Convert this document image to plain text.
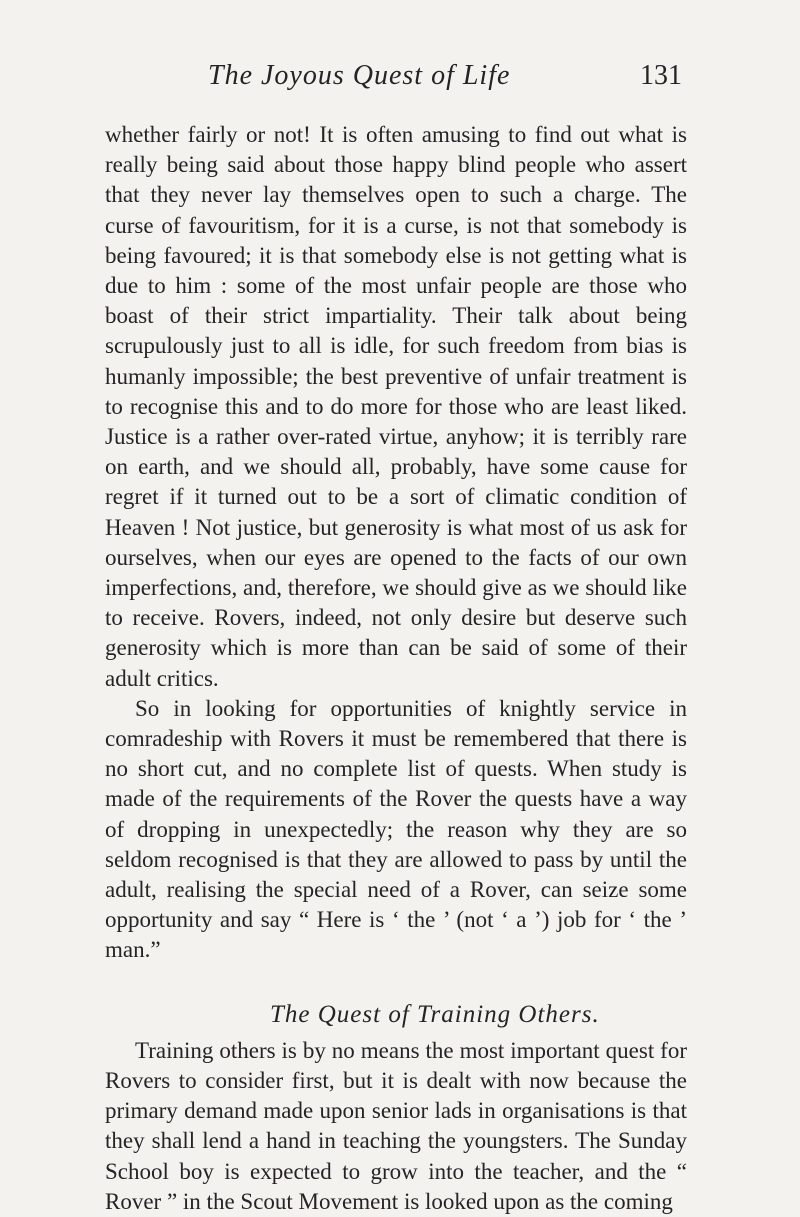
The Joyous Quest of Life	131

whether fairly or not! It is often amusing to find out what is really being said about those happy blind people who assert that they never lay themselves open to such a charge. The curse of favouritism, for it is a curse, is not that somebody is being favoured; it is that somebody else is not getting what is due to him : some of the most unfair people are those who boast of their strict impartiality. Their talk about being scrupulously just to all is idle, for such freedom from bias is humanly impossible; the best preventive of unfair treatment is to recognise this and to do more for those who are least liked. Justice is a rather over-rated virtue, anyhow; it is terribly rare on earth, and we should all, probably, have some cause for regret if it turned out to be a sort of climatic condition of Heaven ! Not justice, but generosity is what most of us ask for ourselves, when our eyes are opened to the facts of our own imperfections, and, therefore, we should give as we should like to receive. Rovers, indeed, not only desire but deserve such generosity which is more than can be said of some of their adult critics.

So in looking for opportunities of knightly service in comradeship with Rovers it must be remembered that there is no short cut, and no complete list of quests. When study is made of the requirements of the Rover the quests have a way of dropping in unexpectedly; the reason why they are so seldom recognised is that they are allowed to pass by until the adult, realising the special need of a Rover, can seize some opportunity and say “ Here is ‘ the ’ (not ‘ a ’) job for ‘ the ’ man.”

The Quest of Training Others.

Training others is by no means the most important quest for Rovers to consider first, but it is dealt with now because the primary demand made upon senior lads in organisations is that they shall lend a hand in teaching the youngsters. The Sunday School boy is expected to grow into the teacher, and the “ Rover ” in the Scout Movement is looked upon as the coming
